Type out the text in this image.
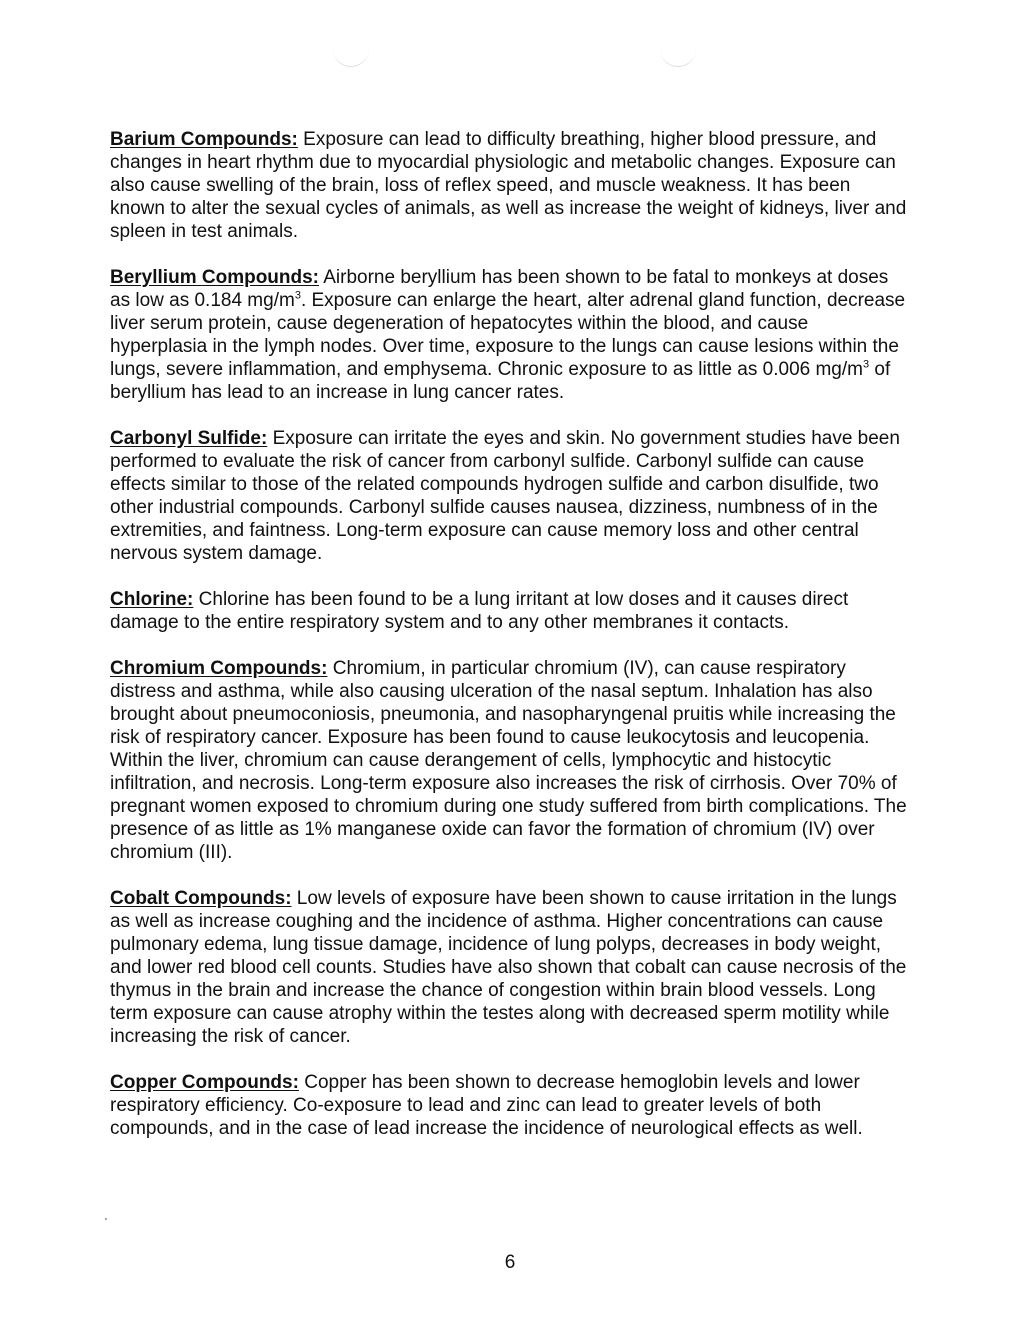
Barium Compounds: Exposure can lead to difficulty breathing, higher blood pressure, and changes in heart rhythm due to myocardial physiologic and metabolic changes. Exposure can also cause swelling of the brain, loss of reflex speed, and muscle weakness. It has been known to alter the sexual cycles of animals, as well as increase the weight of kidneys, liver and spleen in test animals.

Beryllium Compounds: Airborne beryllium has been shown to be fatal to monkeys at doses as low as 0.184 $mg/m^3$. Exposure can enlarge the heart, alter adrenal gland function, decrease liver serum protein, cause degeneration of hepatocytes within the blood, and cause hyperplasia in the lymph nodes. Over time, exposure to the lungs can cause lesions within the lungs, severe inflammation, and emphysema. Chronic exposure to as little as 0.006 $mg/m^3$ of beryllium has lead to an increase in lung cancer rates.

Carbonyl Sulfide: Exposure can irritate the eyes and skin. No government studies have been performed to evaluate the risk of cancer from carbonyl sulfide. Carbonyl sulfide can cause effects similar to those of the related compounds hydrogen sulfide and carbon disulfide, two other industrial compounds. Carbonyl sulfide causes nausea, dizziness, numbness of in the extremities, and faintness. Long-term exposure can cause memory loss and other central nervous system damage.

Chlorine: Chlorine has been found to be a lung irritant at low doses and it causes direct damage to the entire respiratory system and to any other membranes it contacts.

Chromium Compounds: Chromium, in particular chromium (IV), can cause respiratory distress and asthma, while also causing ulceration of the nasal septum. Inhalation has also brought about pneumoconiosis, pneumonia, and nasopharyngenal pruitis while increasing the risk of respiratory cancer. Exposure has been found to cause leukocytosis and leucopenia. Within the liver, chromium can cause derangement of cells, lymphocytic and histocytic infiltration, and necrosis. Long-term exposure also increases the risk of cirrhosis. Over 70% of pregnant women exposed to chromium during one study suffered from birth complications. The presence of as little as 1% manganese oxide can favor the formation of chromium (IV) over chromium (III).

Cobalt Compounds: Low levels of exposure have been shown to cause irritation in the lungs as well as increase coughing and the incidence of asthma. Higher concentrations can cause pulmonary edema, lung tissue damage, incidence of lung polyps, decreases in body weight, and lower red blood cell counts. Studies have also shown that cobalt can cause necrosis of the thymus in the brain and increase the chance of congestion within brain blood vessels. Long term exposure can cause atrophy within the testes along with decreased sperm motility while increasing the risk of cancer.

Copper Compounds: Copper has been shown to decrease hemoglobin levels and lower respiratory efficiency. Co-exposure to lead and zinc can lead to greater levels of both compounds, and in the case of lead increase the incidence of neurological effects as well.

6
